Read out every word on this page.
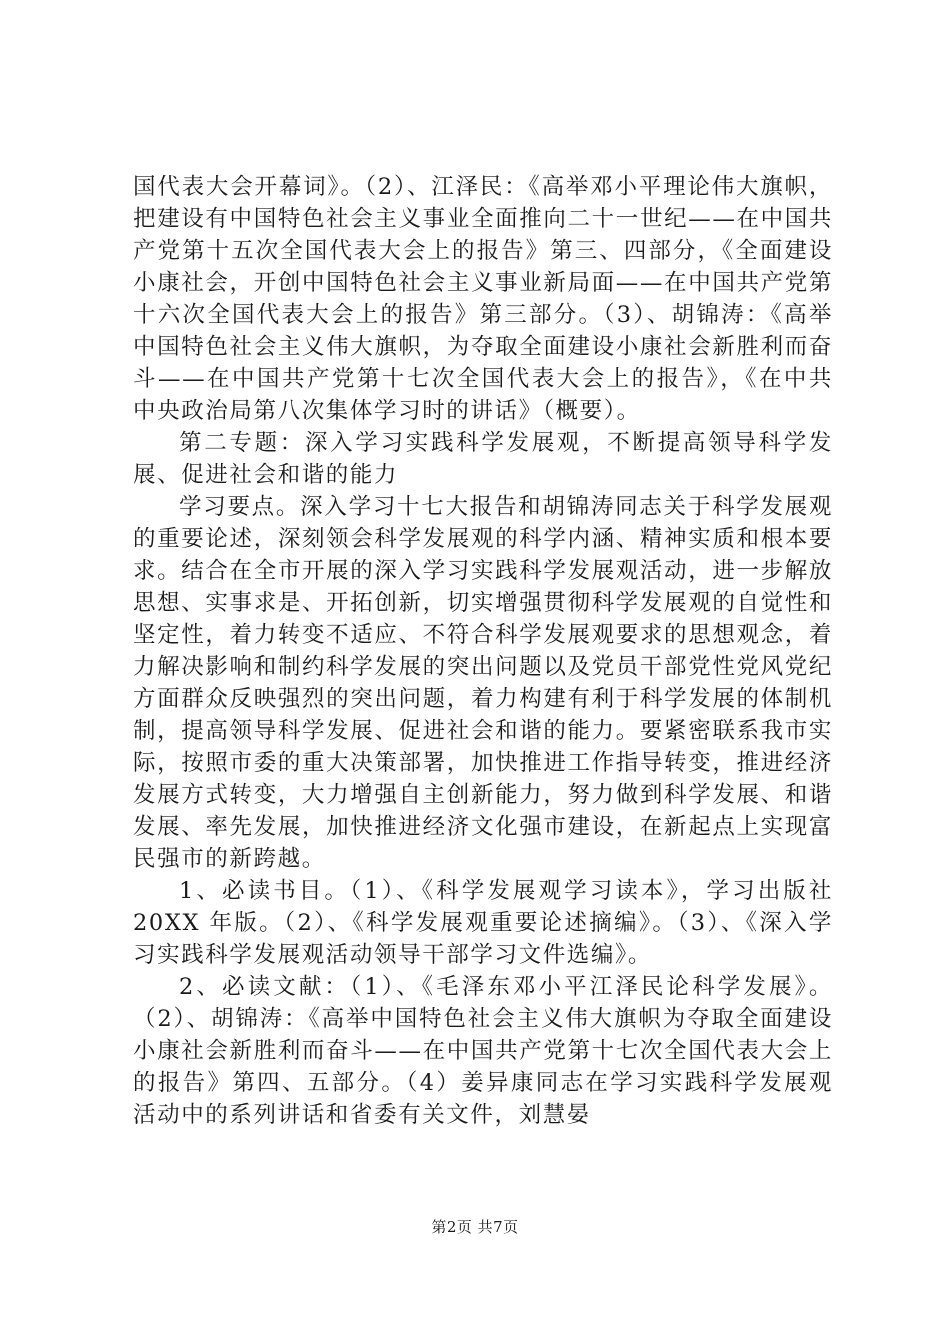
国代表大会开幕词》。（2）、江泽民：《高举邓小平理论伟大旗帜，把建设有中国特色社会主义事业全面推向二十一世纪——在中国共产党第十五次全国代表大会上的报告》第三、四部分，《全面建设小康社会，开创中国特色社会主义事业新局面——在中国共产党第十六次全国代表大会上的报告》第三部分。（3）、胡锦涛：《高举中国特色社会主义伟大旗帜，为夺取全面建设小康社会新胜利而奋斗——在中国共产党第十七次全国代表大会上的报告》，《在中共中央政治局第八次集体学习时的讲话》（概要）。

第二专题：深入学习实践科学发展观，不断提高领导科学发展、促进社会和谐的能力

学习要点。深入学习十七大报告和胡锦涛同志关于科学发展观的重要论述，深刻领会科学发展观的科学内涵、精神实质和根本要求。结合在全市开展的深入学习实践科学发展观活动，进一步解放思想、实事求是、开拓创新，切实增强贯彻科学发展观的自觉性和坚定性，着力转变不适应、不符合科学发展观要求的思想观念，着力解决影响和制约科学发展的突出问题以及党员干部党性党风党纪方面群众反映强烈的突出问题，着力构建有利于科学发展的体制机制，提高领导科学发展、促进社会和谐的能力。要紧密联系我市实际，按照市委的重大决策部署，加快推进工作指导转变，推进经济发展方式转变，大力增强自主创新能力，努力做到科学发展、和谐发展、率先发展，加快推进经济文化强市建设，在新起点上实现富民强市的新跨越。

1、必读书目。（1）、《科学发展观学习读本》，学习出版社 20XX 年版。（2）、《科学发展观重要论述摘编》。（3）、《深入学习实践科学发展观活动领导干部学习文件选编》。

2、必读文献：（1）、《毛泽东邓小平江泽民论科学发展》。（2）、胡锦涛：《高举中国特色社会主义伟大旗帜为夺取全面建设小康社会新胜利而奋斗——在中国共产党第十七次全国代表大会上的报告》第四、五部分。（4）姜异康同志在学习实践科学发展观活动中的系列讲话和省委有关文件，刘慧晏

第2页 共7页
